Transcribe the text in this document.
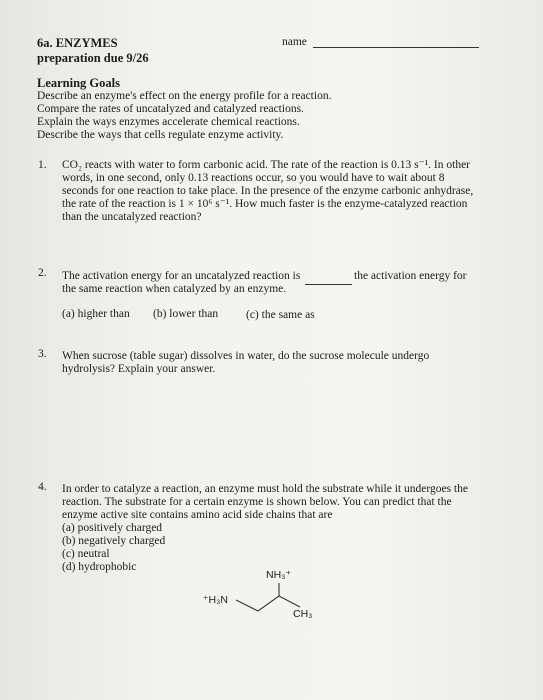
6a. ENZYMES
preparation due 9/26
name
Learning Goals
Describe an enzyme's effect on the energy profile for a reaction.
Compare the rates of uncatalyzed and catalyzed reactions.
Explain the ways enzymes accelerate chemical reactions.
Describe the ways that cells regulate enzyme activity.
1. CO₂ reacts with water to form carbonic acid. The rate of the reaction is 0.13 s⁻¹. In other
words, in one second, only 0.13 reactions occur, so you would have to wait about 8
seconds for one reaction to take place. In the presence of the enzyme carbonic anhydrase,
the rate of the reaction is 1 × 10⁶ s⁻¹. How much faster is the enzyme-catalyzed reaction
than the uncatalyzed reaction?
2. The activation energy for an uncatalyzed reaction is	the activation energy for
the same reaction when catalyzed by an enzyme.
(a) higher than (b) lower than (c) the same as
3. When sucrose (table sugar) dissolves in water, do the sucrose molecule undergo
hydrolysis? Explain your answer.
4. In order to catalyze a reaction, an enzyme must hold the substrate while it undergoes the
reaction. The substrate for a certain enzyme is shown below. You can predict that the
enzyme active site contains amino acid side chains that are
(a) positively charged
(b) negatively charged
(c) neutral
(d) hydrophobic
NH₃⁺
⁺H₃N
CH₃
